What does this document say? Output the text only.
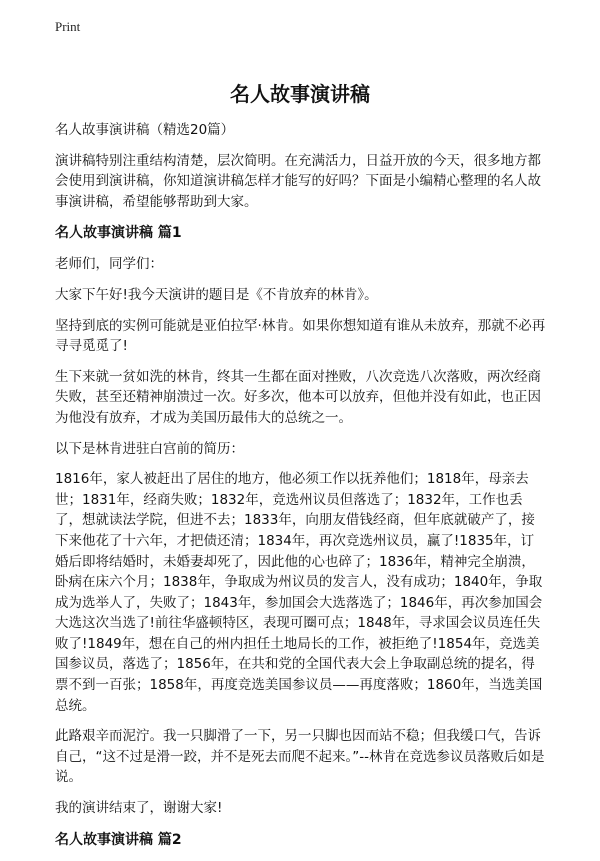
Print
名人故事演讲稿

名人故事演讲稿（精选20篇）

演讲稿特别注重结构清楚，层次简明。在充满活力，日益开放的今天，很多地方都会使用到演讲稿，你知道演讲稿怎样才能写的好吗？下面是小编精心整理的名人故事演讲稿，希望能够帮助到大家。

名人故事演讲稿 篇1

老师们，同学们：

大家下午好!我今天演讲的题目是《不肯放弃的林肯》。

坚持到底的实例可能就是亚伯拉罕·林肯。如果你想知道有谁从未放弃，那就不必再寻寻觅觅了!

生下来就一贫如洗的林肯，终其一生都在面对挫败，八次竞选八次落败，两次经商失败，甚至还精神崩溃过一次。好多次，他本可以放弃，但他并没有如此，也正因为他没有放弃，才成为美国历最伟大的总统之一。

以下是林肯进驻白宫前的简历：

1816年，家人被赶出了居住的地方，他必须工作以抚养他们；1818年，母亲去世；1831年，经商失败；1832年，竞选州议员但落选了；1832年，工作也丢了，想就读法学院，但进不去；1833年，向朋友借钱经商，但年底就破产了，接下来他花了十六年，才把债还清；1834年，再次竞选州议员，赢了!1835年，订婚后即将结婚时，未婚妻却死了，因此他的心也碎了；1836年，精神完全崩溃，卧病在床六个月；1838年，争取成为州议员的发言人，没有成功；1840年，争取成为选举人了，失败了；1843年，参加国会大选落选了；1846年，再次参加国会大选这次当选了!前往华盛顿特区，表现可圈可点；1848年，寻求国会议员连任失败了!1849年，想在自己的州内担任土地局长的工作，被拒绝了!1854年，竞选美国参议员，落选了；1856年，在共和党的全国代表大会上争取副总统的提名，得票不到一百张；1858年，再度竞选美国参议员——再度落败；1860年，当选美国总统。

此路艰辛而泥泞。我一只脚滑了一下，另一只脚也因而站不稳；但我缓口气，告诉自己，“这不过是滑一跤，并不是死去而爬不起来。”--林肯在竞选参议员落败后如是说。

我的演讲结束了，谢谢大家!

名人故事演讲稿 篇2
